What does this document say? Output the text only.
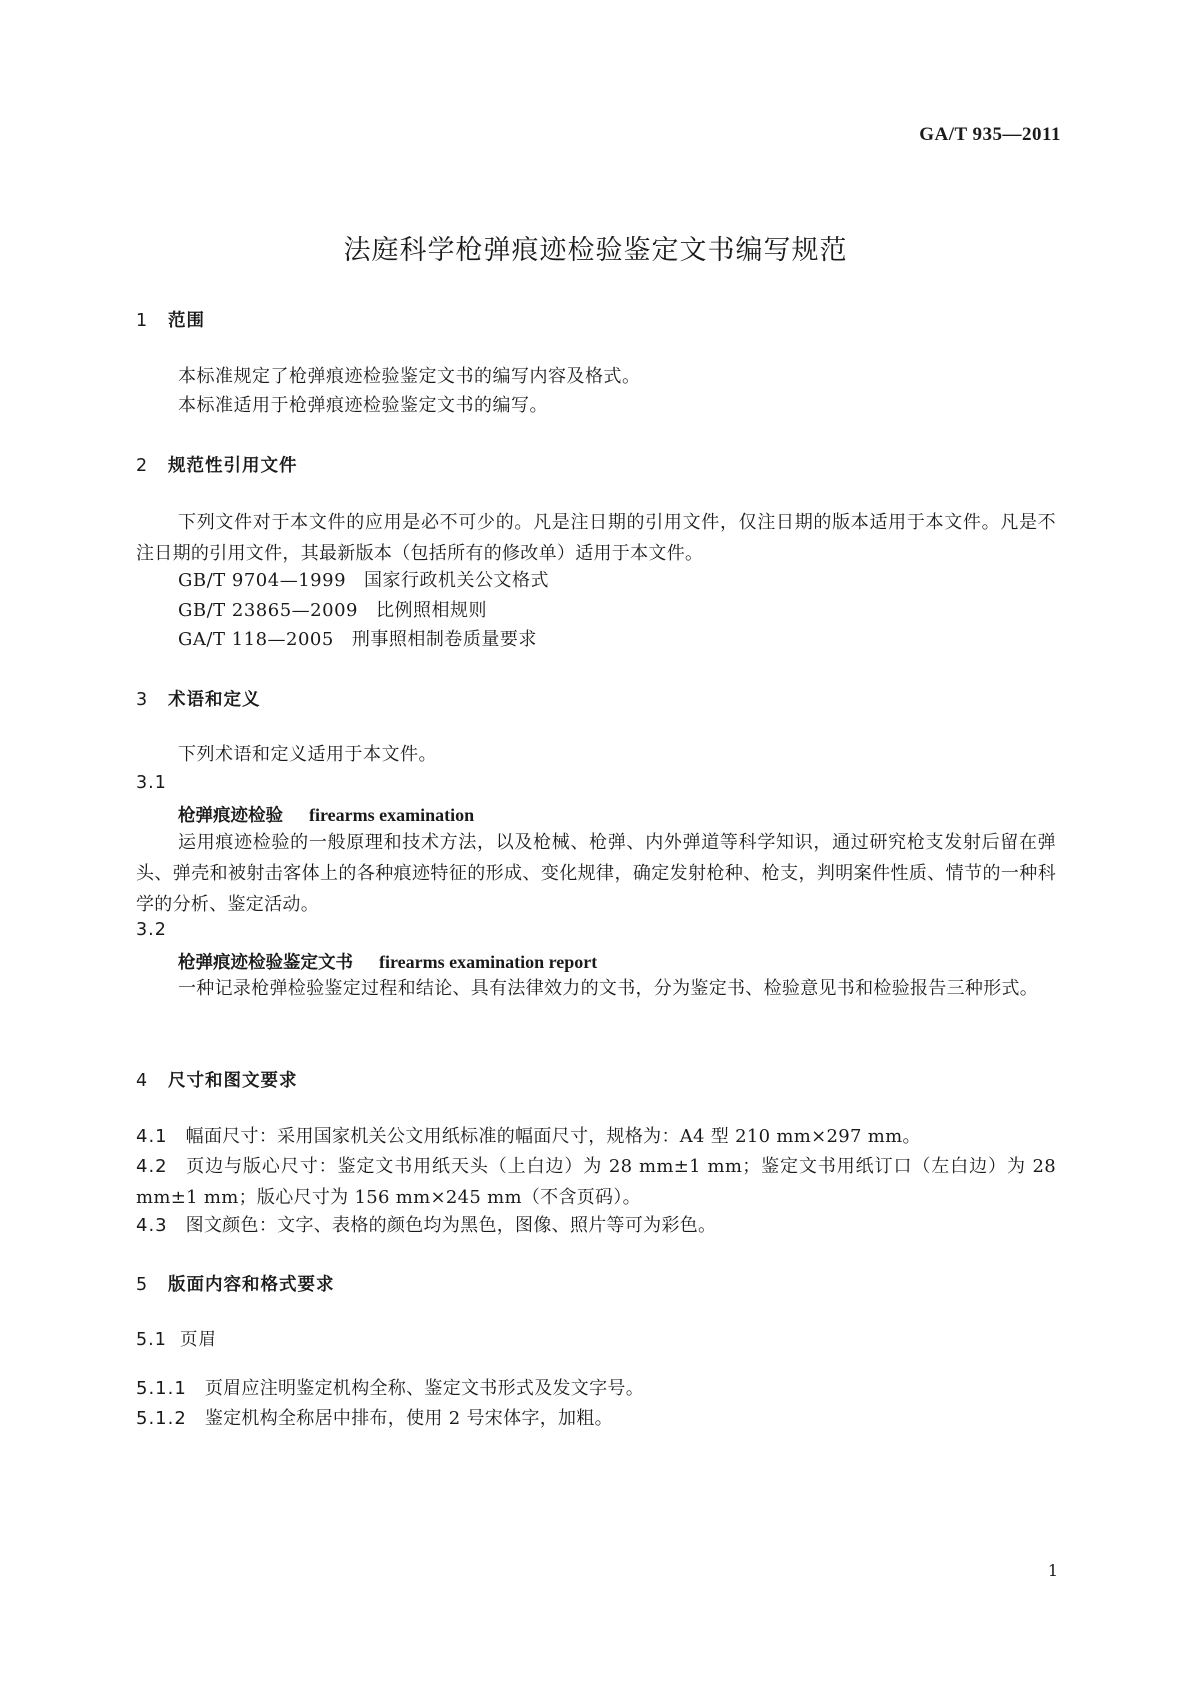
GA/T 935—2011
法庭科学枪弹痕迹检验鉴定文书编写规范
1 范围
本标准规定了枪弹痕迹检验鉴定文书的编写内容及格式。
本标准适用于枪弹痕迹检验鉴定文书的编写。
2 规范性引用文件

下列文件对于本文件的应用是必不可少的。凡是注日期的引用文件，仅注日期的版本适用于本文件。凡是不注日期的引用文件，其最新版本（包括所有的修改单）适用于本文件。

GB/T 9704—1999 国家行政机关公文格式
GB/T 23865—2009 比例照相规则
GA/T 118—2005 刑事照相制卷质量要求
3 术语和定义
下列术语和定义适用于本文件。
3.1
枪弹痕迹检验 firearms examination

运用痕迹检验的一般原理和技术方法，以及枪械、枪弹、内外弹道等科学知识，通过研究枪支发射后留在弹头、弹壳和被射击客体上的各种痕迹特征的形成、变化规律，确定发射枪种、枪支，判明案件性质、情节的一种科学的分析、鉴定活动。

3.2
枪弹痕迹检验鉴定文书 firearms examination report

一种记录枪弹检验鉴定过程和结论、具有法律效力的文书，分为鉴定书、检验意见书和检验报告三种形式。

4 尺寸和图文要求

4.1 幅面尺寸：采用国家机关公文用纸标准的幅面尺寸，规格为：A4 型 210 mm×297 mm。

4.2 页边与版心尺寸：鉴定文书用纸天头（上白边）为 28 mm±1 mm；鉴定文书用纸订口（左白边）为 28 mm±1 mm；版心尺寸为 156 mm×245 mm（不含页码）。

4.3 图文颜色：文字、表格的颜色均为黑色，图像、照片等可为彩色。

5 版面内容和格式要求
5.1 页眉

5.1.1 页眉应注明鉴定机构全称、鉴定文书形式及发文字号。

5.1.2 鉴定机构全称居中排布，使用 2 号宋体字，加粗。

1
